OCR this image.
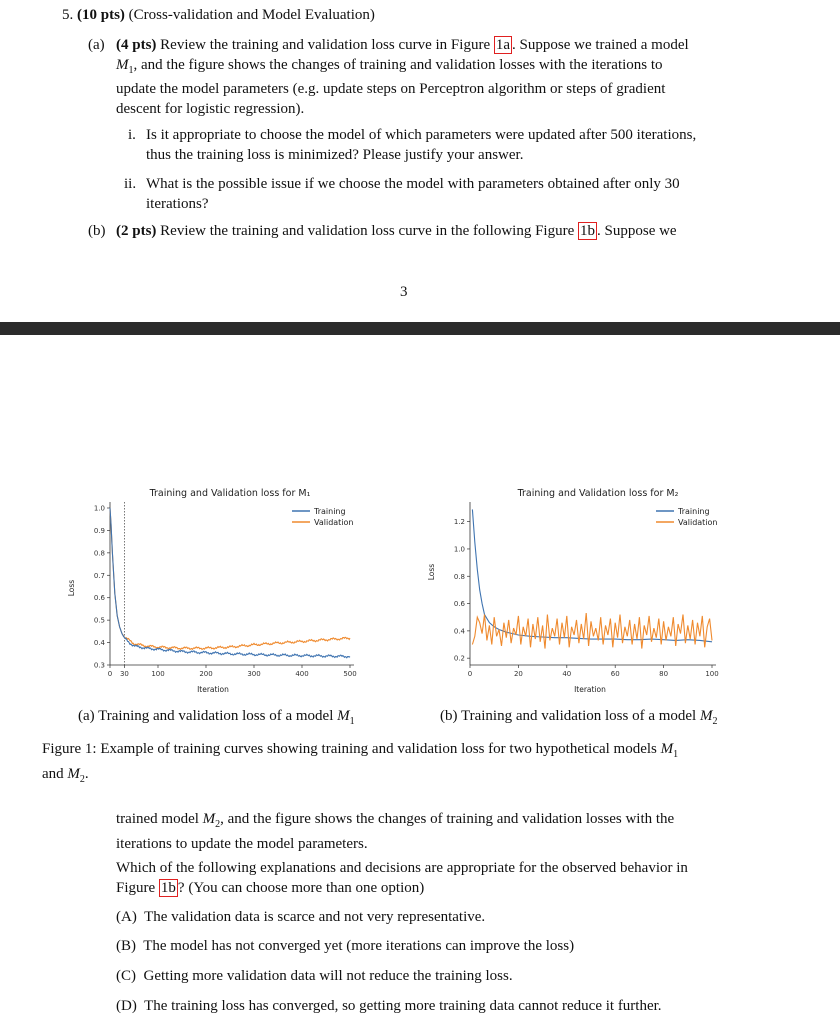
5. (10 pts) (Cross-validation and Model Evaluation)
(a) (4 pts) Review the training and validation loss curve in Figure 1a . Suppose we trained a model
$M_1$, and the figure shows the changes of training and validation losses with the iterations to
update the model parameters (e.g. update steps on Perceptron algorithm or steps of gradient
descent for logistic regression).
i. Is it appropriate to choose the model of which parameters were updated after 500 iterations,
thus the training loss is minimized? Please justify your answer.
ii. What is the possible issue if we choose the model with parameters obtained after only 30
iterations?
(b) (2 pts) Review the training and validation loss curve in the following Figure 1b . Suppose we
3
Training and Validation loss for M₁
1.0
0.9
0.8
0.7
0.6
0.5
0.4
0.3
0 30	100	200	300	400	500
Training
Validation
Iteration
Loss
Training and Validation loss for M₂
1.2
1.0
0.8
0.6
0.4
0.2
0	20	40	60	80	100
Training
Validation
Iteration
Loss
(a) Training and validation loss of a model $M_1$	(b) Training and validation loss of a model $M_2$
Figure 1: Example of training curves showing training and validation loss for two hypothetical models $M_1$
and $M_2$.
trained model $M_2$, and the figure shows the changes of training and validation losses with the
iterations to update the model parameters.
Which of the following explanations and decisions are appropriate for the observed behavior in
Figure 1b ? (You can choose more than one option)
(A) The validation data is scarce and not very representative.
(B) The model has not converged yet (more iterations can improve the loss)
(C) Getting more validation data will not reduce the training loss.
(D) The training loss has converged, so getting more training data cannot reduce it further.
